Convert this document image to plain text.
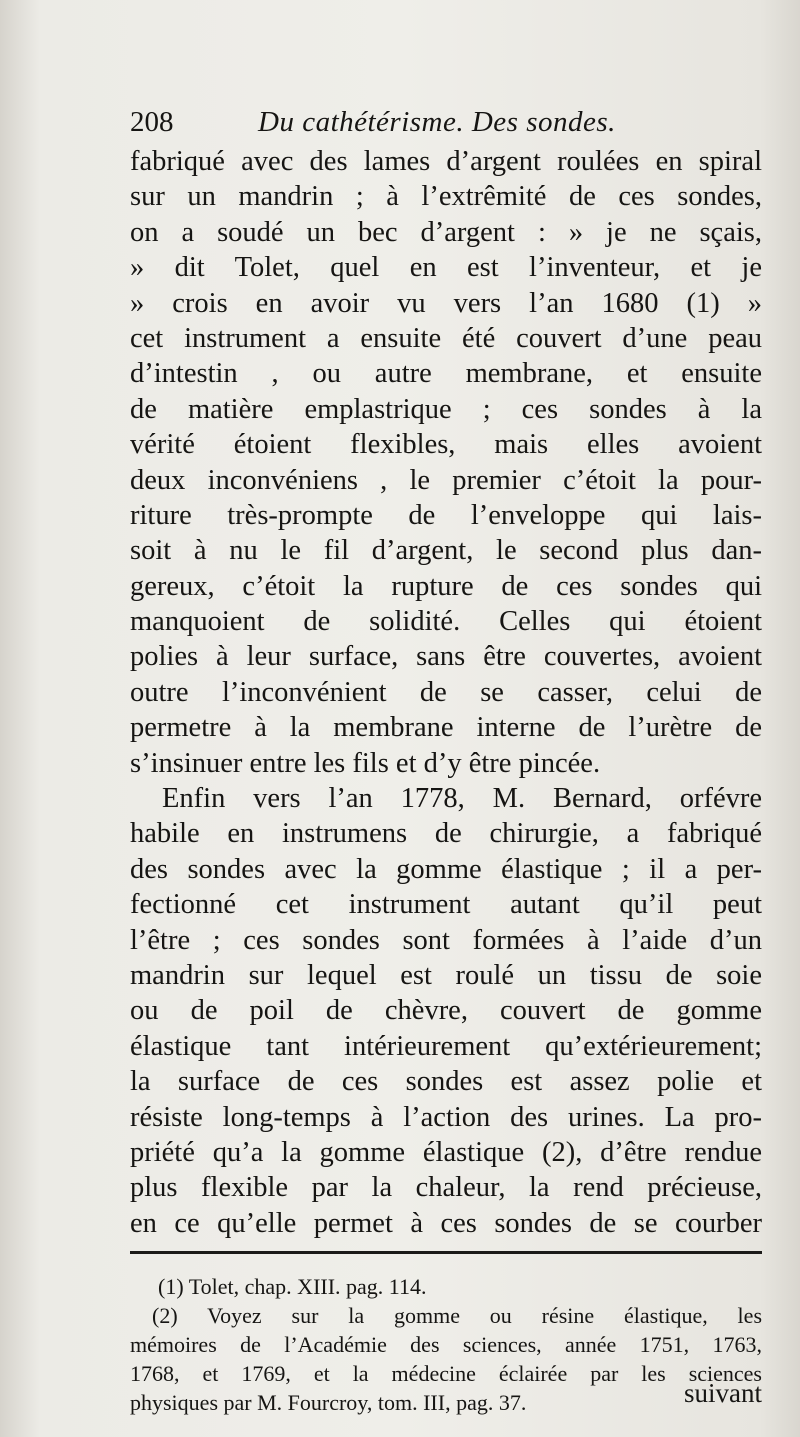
208	Du cathétérisme. Des sondes.
fabriqué avec des lames d’argent roulées en spiral
sur un mandrin ; à l’extrêmité de ces sondes,
on a soudé un bec d’argent : » je ne sçais,
» dit Tolet, quel en est l’inventeur, et je
» crois en avoir vu vers l’an 1680 (1) »
cet instrument a ensuite été couvert d’une peau
d’intestin , ou autre membrane, et ensuite
de matière emplastrique ; ces sondes à la
vérité étoient flexibles, mais elles avoient
deux inconvéniens , le premier c’étoit la pour-
riture très-prompte de l’enveloppe qui lais-
soit à nu le fil d’argent, le second plus dan-
gereux, c’étoit la rupture de ces sondes qui
manquoient de solidité. Celles qui étoient
polies à leur surface, sans être couvertes, avoient
outre l’inconvénient de se casser, celui de
permetre à la membrane interne de l’urètre de
s’insinuer entre les fils et d’y être pincée.
Enfin vers l’an 1778, M. Bernard, orfévre
habile en instrumens de chirurgie, a fabriqué
des sondes avec la gomme élastique ; il a per-
fectionné cet instrument autant qu’il peut
l’être ; ces sondes sont formées à l’aide d’un
mandrin sur lequel est roulé un tissu de soie
ou de poil de chèvre, couvert de gomme
élastique tant intérieurement qu’extérieurement;
la surface de ces sondes est assez polie et
résiste long-temps à l’action des urines. La pro-
priété qu’a la gomme élastique (2), d’être rendue
plus flexible par la chaleur, la rend précieuse,
en ce qu’elle permet à ces sondes de se courber
(1) Tolet, chap. XIII. pag. 114.
(2) Voyez sur la gomme ou résine élastique, les
mémoires de l’Académie des sciences, année 1751, 1763,
1768, et 1769, et la médecine éclairée par les sciences
physiques par M. Fourcroy, tom. III, pag. 37.	suivant
